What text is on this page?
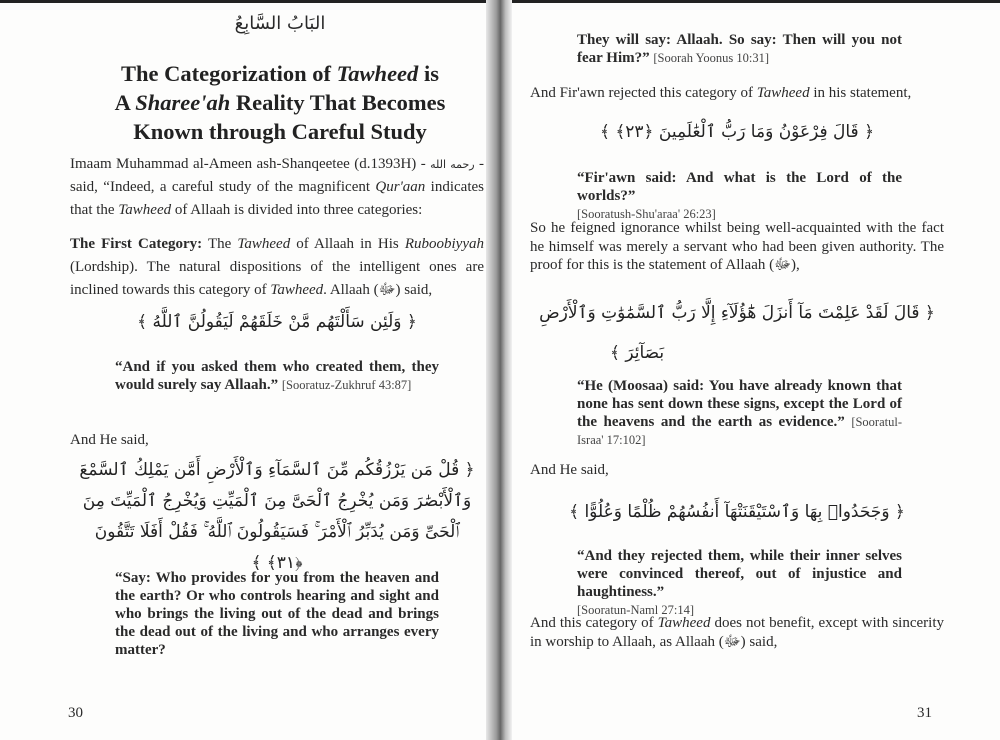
البَابُ السَّابِعُ
The Categorization of Tawheed is
A Sharee'ah Reality That Becomes
Known through Careful Study
Imaam Muhammad al-Ameen ash-Shanqeetee (d.1393H) - رحمه الله - said, “Indeed, a careful study of the magnificent Qur'aan indicates that the Tawheed of Allaah is divided into three categories:
The First Category: The Tawheed of Allaah in His Ruboobiyyah (Lordship). The natural dispositions of the intelligent ones are inclined towards this category of Tawheed. Allaah (ﷻ) said,
﴿ وَلَئِن سَأَلْتَهُم مَّنْ خَلَقَهُمْ لَيَقُولُنَّ ٱللَّهُ ﴾
“And if you asked them who created them, they would surely say Allaah.” [Sooratuz-Zukhruf 43:87]
And He said,
﴿ قُلْ مَن يَرْزُقُكُم مِّنَ ٱلسَّمَآءِ وَٱلْأَرْضِ أَمَّن يَمْلِكُ ٱلسَّمْعَ
وَٱلْأَبْصَٰرَ وَمَن يُخْرِجُ ٱلْحَىَّ مِنَ ٱلْمَيِّتِ وَيُخْرِجُ ٱلْمَيِّتَ مِنَ
ٱلْحَىِّ وَمَن يُدَبِّرُ ٱلْأَمْرَ ۚ فَسَيَقُولُونَ ٱللَّهُ ۚ فَقُلْ أَفَلَا تَتَّقُونَ ﴿٣١﴾ ﴾
“Say: Who provides for you from the heaven and the earth? Or who controls hearing and sight and who brings the living out of the dead and brings the dead out of the living and who arranges every matter?
30
They will say: Allaah. So say: Then will you not fear Him?” [Soorah Yoonus 10:31]
And Fir'awn rejected this category of Tawheed in his statement,
﴿ قَالَ فِرْعَوْنُ وَمَا رَبُّ ٱلْعَٰلَمِينَ ﴿٢٣﴾ ﴾
“Fir'awn said: And what is the Lord of the worlds?”
[Sooratush-Shu'araa' 26:23]
So he feigned ignorance whilst being well-acquainted with the fact he himself was merely a servant who had been given authority. The proof for this is the statement of Allaah (ﷻ),
﴿ قَالَ لَقَدْ عَلِمْتَ مَآ أَنزَلَ هَٰٓؤُلَآءِ إِلَّا رَبُّ ٱلسَّمَٰوَٰتِ وَٱلْأَرْضِ
بَصَآئِرَ ﴾
“He (Moosaa) said: You have already known that none has sent down these signs, except the Lord of the heavens and the earth as evidence.” [Sooratul-Israa' 17:102]
And He said,
﴿ وَجَحَدُوا۟ بِهَا وَٱسْتَيْقَنَتْهَآ أَنفُسُهُمْ ظُلْمًا وَعُلُوًّا ﴾
“And they rejected them, while their inner selves were convinced thereof, out of injustice and haughtiness.”
[Sooratun-Naml 27:14]
And this category of Tawheed does not benefit, except with sincerity in worship to Allaah, as Allaah (ﷻ) said,
31
